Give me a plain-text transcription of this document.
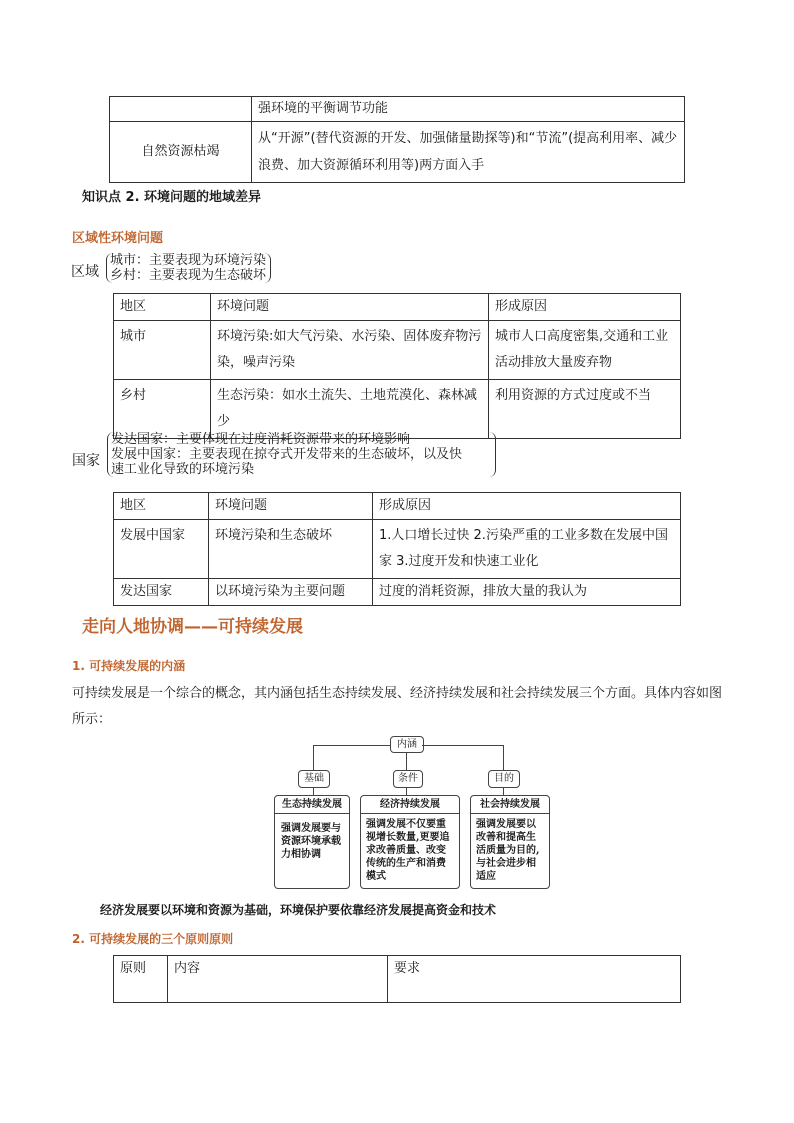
	强环境的平衡调节功能
自然资源枯竭	从“开源”(替代资源的开发、加强储量勘探等)和“节流”(提高利用率、减少浪费、加大资源循环利用等)两方面入手
知识点 2. 环境问题的地域差异
区域性环境问题
区域
城市：主要表现为环境污染
乡村：主要表现为生态破坏
地区	环境问题	形成原因
城市	环境污染:如大气污染、水污染、固体废弃物污染，噪声污染	城市人口高度密集,交通和工业活动排放大量废弃物
乡村	生态污染：如水土流失、土地荒漠化、森林减少	利用资源的方式过度或不当
国家
发达国家：主要体现在过度消耗资源带来的环境影响
发展中国家：主要表现在掠夺式开发带来的生态破坏，以及快
速工业化导致的环境污染
地区	环境问题	形成原因
发展中国家	环境污染和生态破坏	1.人口增长过快 2.污染严重的工业多数在发展中国家 3.过度开发和快速工业化
发达国家	以环境污染为主要问题	过度的消耗资源，排放大量的我认为
走向人地协调——可持续发展
1. 可持续发展的内涵
可持续发展是一个综合的概念，其内涵包括生态持续发展、经济持续发展和社会持续发展三个方面。具体内容如图所示：
内涵
基础	条件	目的
生态持续发展
强调发展要与资源环境承载力相协调
经济持续发展
强调发展不仅要重视增长数量,更要追求改善质量、改变传统的生产和消费模式
社会持续发展
强调发展要以改善和提高生活质量为目的,与社会进步相适应
经济发展要以环境和资源为基础，环境保护要依靠经济发展提高资金和技术
2. 可持续发展的三个原则原则
原则	内容	要求
